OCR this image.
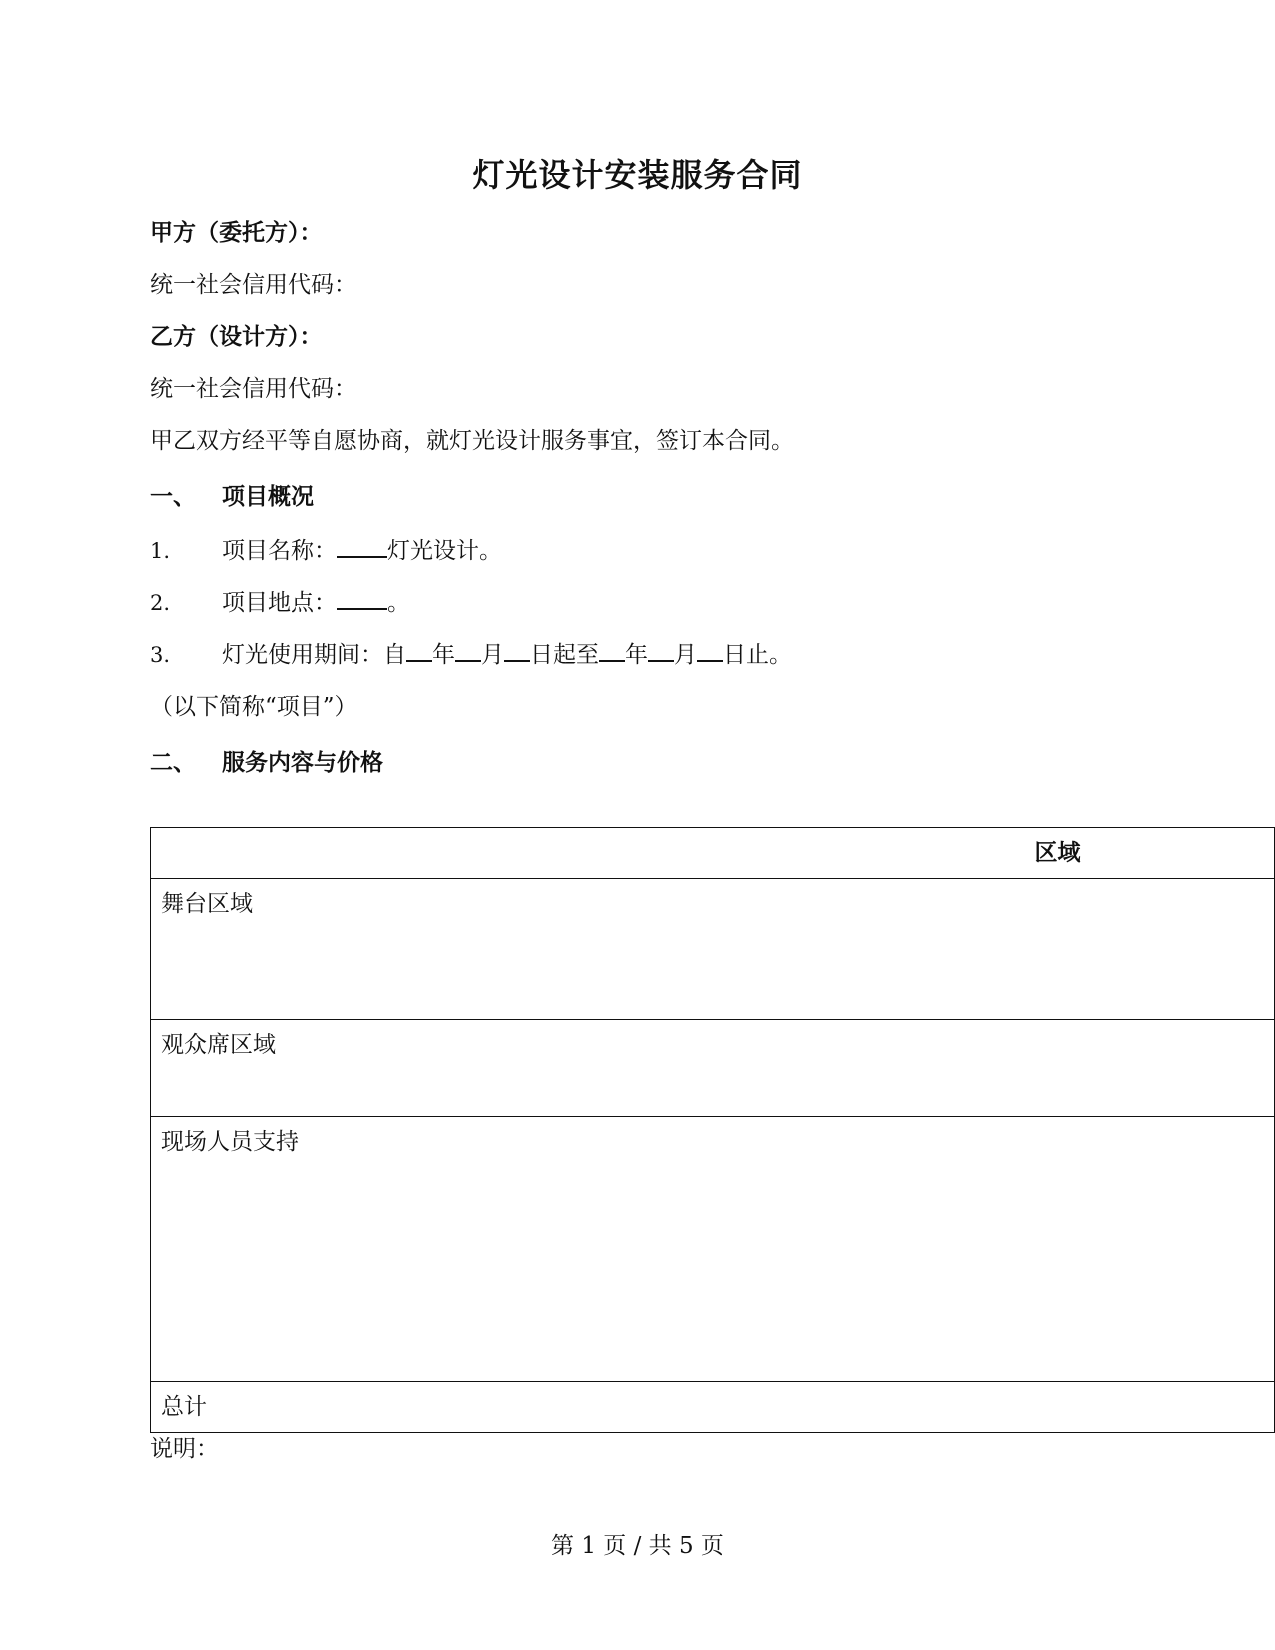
灯光设计安装服务合同
甲方（委托方）：
统一社会信用代码：
乙方（设计方）：
统一社会信用代码：
甲乙双方经平等自愿协商，就灯光设计服务事宜，签订本合同。
一、 项目概况
1. 项目名称： 灯光设计。
2. 项目地点： 。
3. 灯光使用期间：自 年 月 日起至 年 月 日止。
（以下简称“项目”）
二、 服务内容与价格
区域
舞台区域
观众席区域
现场人员支持
总计
说明：
第 1 页 / 共 5 页
